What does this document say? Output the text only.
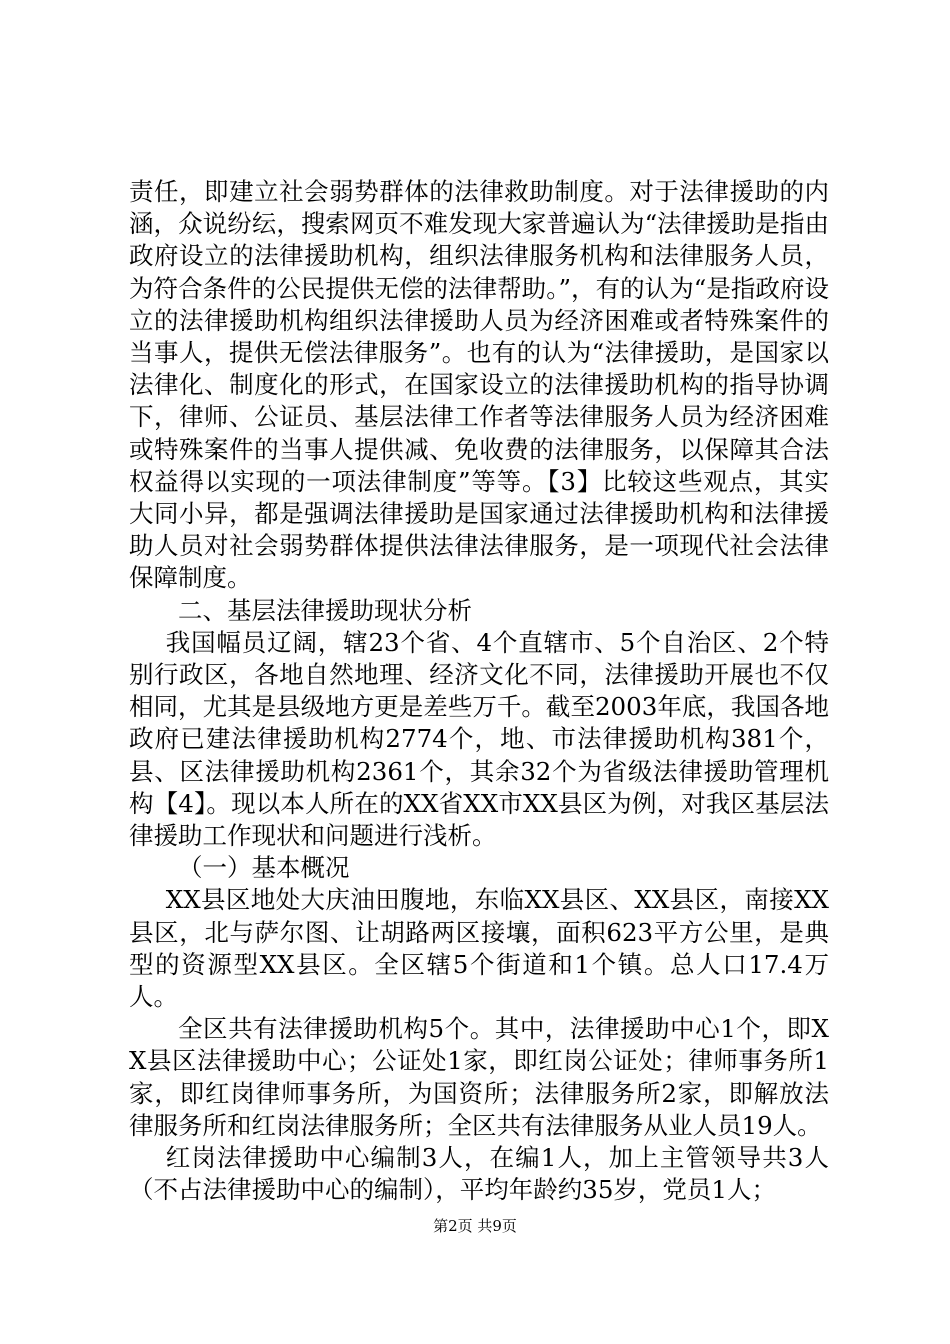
责任，即建立社会弱势群体的法律救助制度。对于法律援助的内涵，众说纷纭，搜索网页不难发现大家普遍认为“法律援助是指由政府设立的法律援助机构，组织法律服务机构和法律服务人员，为符合条件的公民提供无偿的法律帮助。”，有的认为“是指政府设立的法律援助机构组织法律援助人员为经济困难或者特殊案件的当事人，提供无偿法律服务”。也有的认为“法律援助，是国家以法律化、制度化的形式，在国家设立的法律援助机构的指导协调下，律师、公证员、基层法律工作者等法律服务人员为经济困难或特殊案件的当事人提供减、免收费的法律服务，以保障其合法权益得以实现的一项法律制度”等等。【3】比较这些观点，其实大同小异，都是强调法律援助是国家通过法律援助机构和法律援助人员对社会弱势群体提供法律法律服务，是一项现代社会法律保障制度。

二、基层法律援助现状分析

我国幅员辽阔，辖23个省、4个直辖市、5个自治区、2个特别行政区，各地自然地理、经济文化不同，法律援助开展也不仅相同，尤其是县级地方更是差些万千。截至2003年底，我国各地政府已建法律援助机构2774个，地、市法律援助机构381个，县、区法律援助机构2361个，其余32个为省级法律援助管理机构【4】。现以本人所在的XX省XX市XX县区为例，对我区基层法律援助工作现状和问题进行浅析。

（一）基本概况

XX县区地处大庆油田腹地，东临XX县区、XX县区，南接XX县区，北与萨尔图、让胡路两区接壤，面积623平方公里，是典型的资源型XX县区。全区辖5个街道和1个镇。总人口17.4万人。

全区共有法律援助机构5个。其中，法律援助中心1个，即XX县区法律援助中心；公证处1家，即红岗公证处；律师事务所1家，即红岗律师事务所，为国资所；法律服务所2家，即解放法律服务所和红岗法律服务所；全区共有法律服务从业人员19人。

红岗法律援助中心编制3人，在编1人，加上主管领导共3人（不占法律援助中心的编制），平均年龄约35岁，党员1人；

第2页 共9页
